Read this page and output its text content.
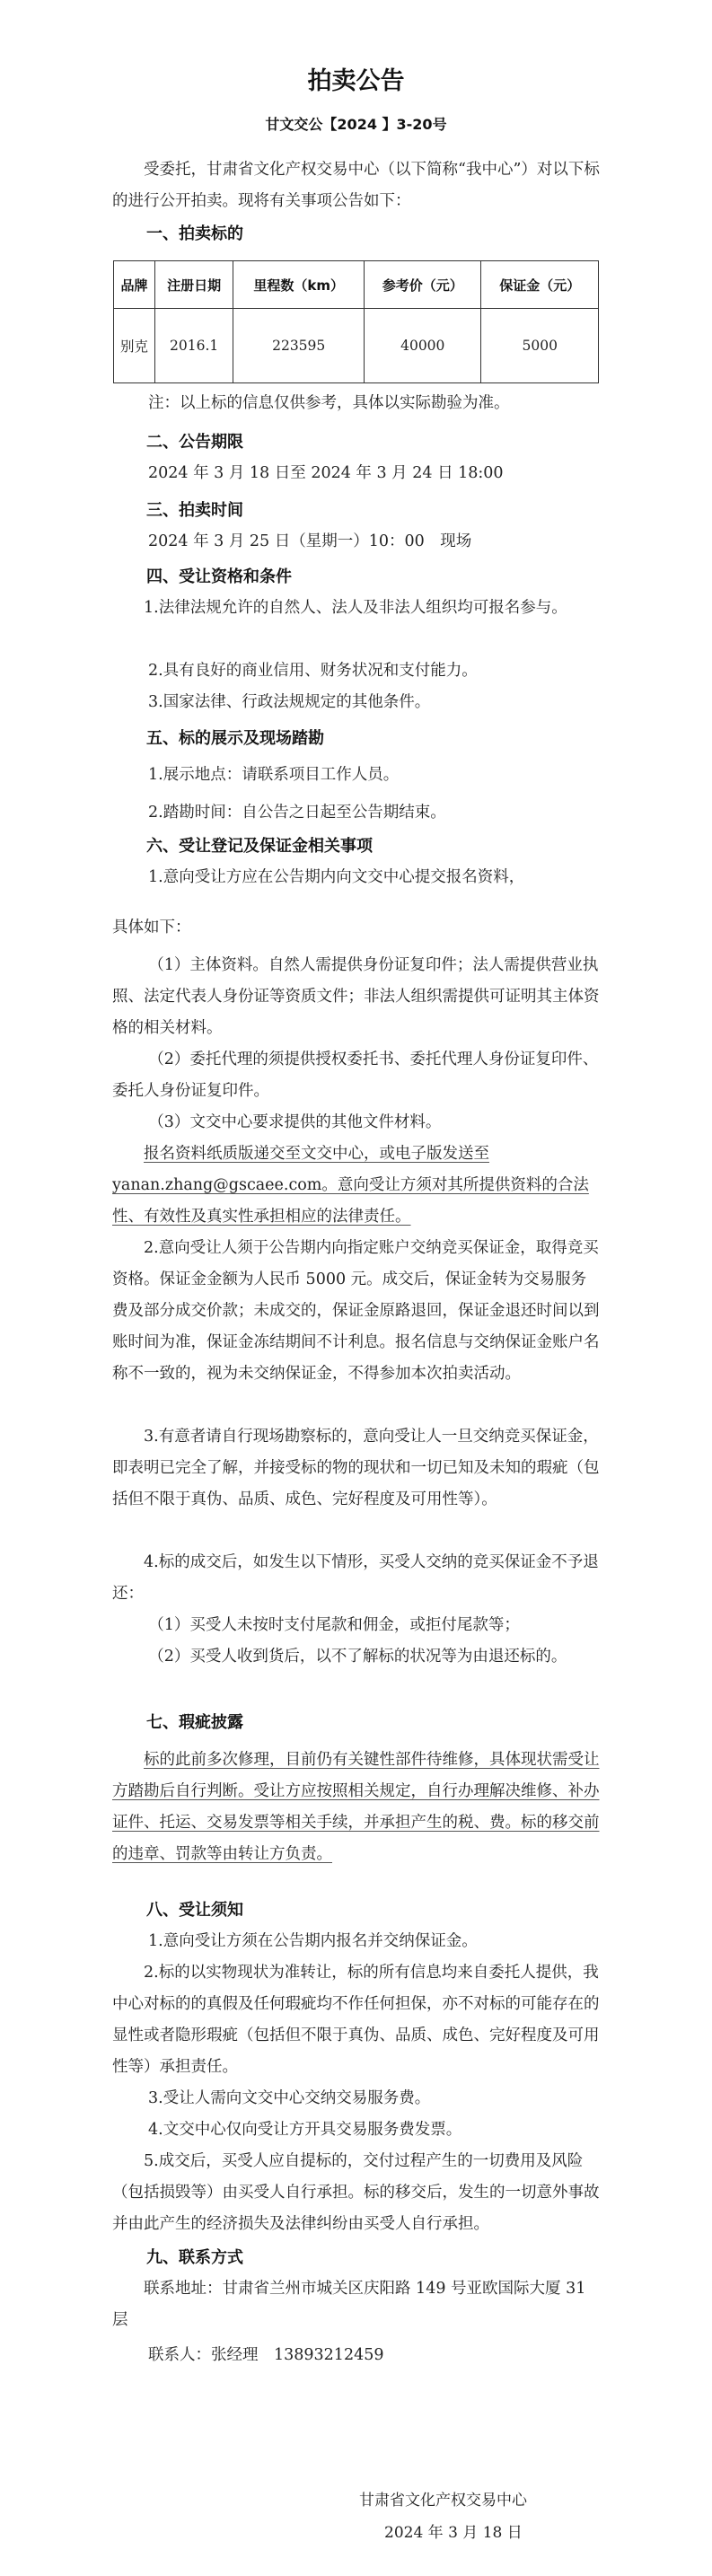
拍卖公告
甘文交公【2024 】3-20号

受委托，甘肃省文化产权交易中心（以下简称“我中心”）对以下标的进行公开拍卖。现将有关事项公告如下：

一、拍卖标的
品牌	注册日期	里程数（km）	参考价（元）	保证金（元）
别克	2016.1	223595	40000	5000

注：以上标的信息仅供参考，具体以实际勘验为准。

二、公告期限

2024 年 3 月 18 日至 2024 年 3 月 24 日 18:00

三、拍卖时间

2024 年 3 月 25 日（星期一）10：00　现场

四、受让资格和条件

1.法律法规允许的自然人、法人及非法人组织均可报名参与。

2.具有良好的商业信用、财务状况和支付能力。

3.国家法律、行政法规规定的其他条件。

五、标的展示及现场踏勘

1.展示地点：请联系项目工作人员。

2.踏勘时间：自公告之日起至公告期结束。

六、受让登记及保证金相关事项

1.意向受让方应在公告期内向文交中心提交报名资料，

具体如下：

（1）主体资料。自然人需提供身份证复印件；法人需提供营业执照、法定代表人身份证等资质文件；非法人组织需提供可证明其主体资格的相关材料。

（2）委托代理的须提供授权委托书、委托代理人身份证复印件、委托人身份证复印件。

（3）文交中心要求提供的其他文件材料。

报名资料纸质版递交至文交中心，或电子版发送至yanan.zhang@gscaee.com。意向受让方须对其所提供资料的合法性、有效性及真实性承担相应的法律责任。

2.意向受让人须于公告期内向指定账户交纳竞买保证金，取得竞买资格。保证金金额为人民币 5000 元。成交后，保证金转为交易服务费及部分成交价款；未成交的，保证金原路退回，保证金退还时间以到账时间为准，保证金冻结期间不计利息。报名信息与交纳保证金账户名称不一致的，视为未交纳保证金，不得参加本次拍卖活动。

3.有意者请自行现场勘察标的，意向受让人一旦交纳竞买保证金，即表明已完全了解，并接受标的物的现状和一切已知及未知的瑕疵（包括但不限于真伪、品质、成色、完好程度及可用性等）。

4.标的成交后，如发生以下情形，买受人交纳的竞买保证金不予退还：

（1）买受人未按时支付尾款和佣金，或拒付尾款等；

（2）买受人收到货后，以不了解标的状况等为由退还标的。

七、瑕疵披露

标的此前多次修理，目前仍有关键性部件待维修，具体现状需受让方踏勘后自行判断。受让方应按照相关规定，自行办理解决维修、补办证件、托运、交易发票等相关手续，并承担产生的税、费。标的移交前的违章、罚款等由转让方负责。

八、受让须知

1.意向受让方须在公告期内报名并交纳保证金。

2.标的以实物现状为准转让，标的所有信息均来自委托人提供，我中心对标的的真假及任何瑕疵均不作任何担保，亦不对标的可能存在的显性或者隐形瑕疵（包括但不限于真伪、品质、成色、完好程度及可用性等）承担责任。

3.受让人需向文交中心交纳交易服务费。

4.文交中心仅向受让方开具交易服务费发票。

5.成交后，买受人应自提标的，交付过程产生的一切费用及风险（包括损毁等）由买受人自行承担。标的移交后，发生的一切意外事故并由此产生的经济损失及法律纠纷由买受人自行承担。

九、联系方式

联系地址：甘肃省兰州市城关区庆阳路 149 号亚欧国际大厦 31 层

联系人：张经理　13893212459

甘肃省文化产权交易中心
2024 年 3 月 18 日
